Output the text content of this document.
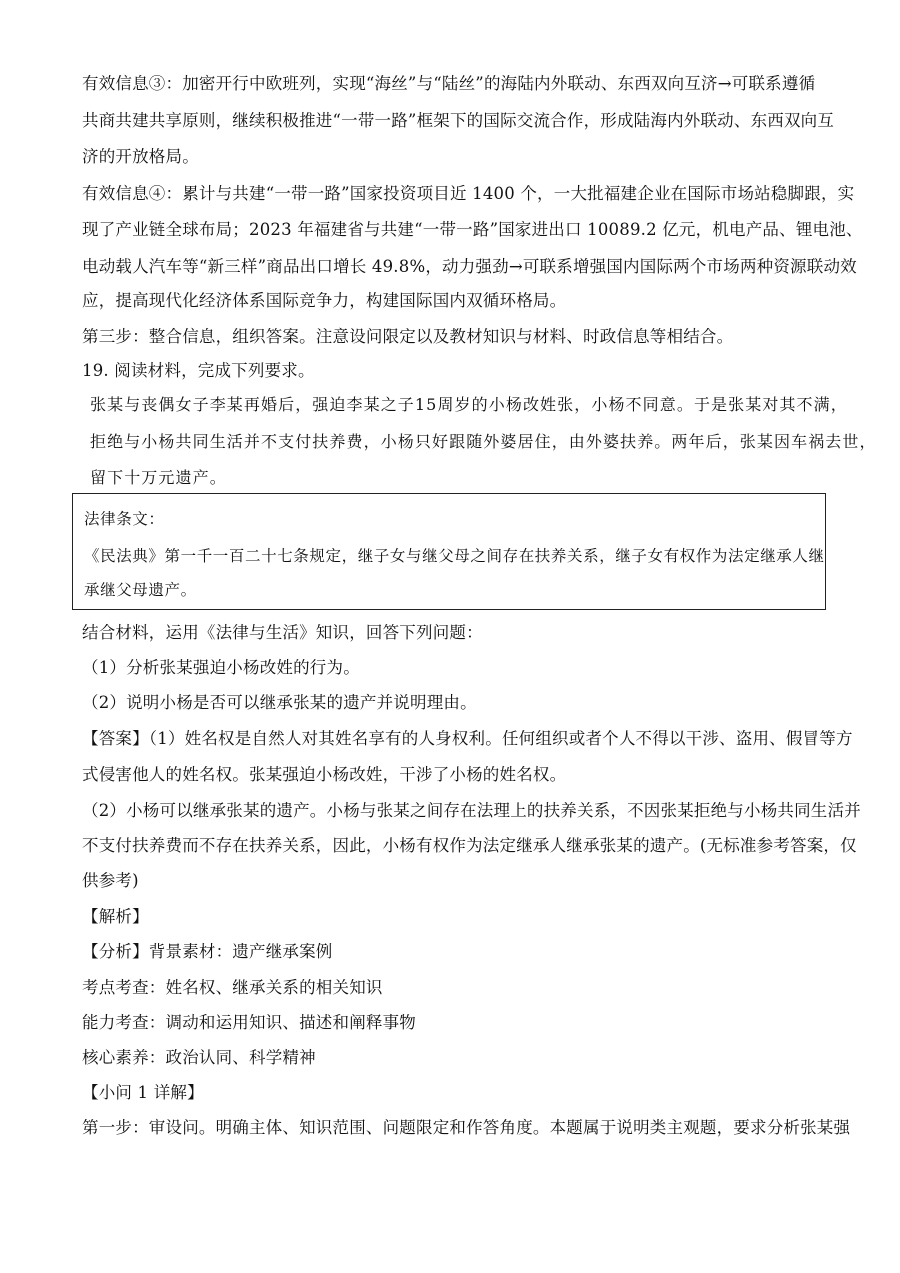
有效信息③：加密开行中欧班列，实现“海丝”与“陆丝”的海陆内外联动、东西双向互济→可联系遵循
共商共建共享原则，继续积极推进“一带一路”框架下的国际交流合作，形成陆海内外联动、东西双向互
济的开放格局。
有效信息④：累计与共建“一带一路”国家投资项目近 1400 个，一大批福建企业在国际市场站稳脚跟，实
现了产业链全球布局；2023 年福建省与共建“一带一路”国家进出口 10089.2 亿元，机电产品、锂电池、
电动载人汽车等“新三样”商品出口增长 49.8%，动力强劲→可联系增强国内国际两个市场两种资源联动效
应，提高现代化经济体系国际竞争力，构建国际国内双循环格局。
第三步：整合信息，组织答案。注意设问限定以及教材知识与材料、时政信息等相结合。
19. 阅读材料，完成下列要求。
张某与丧偶女子李某再婚后，强迫李某之子15周岁的小杨改姓张，小杨不同意。于是张某对其不满，
拒绝与小杨共同生活并不支付扶养费，小杨只好跟随外婆居住，由外婆扶养。两年后，张某因车祸去世，
留下十万元遗产。
法律条文：
《民法典》第一千一百二十七条规定，继子女与继父母之间存在扶养关系，继子女有权作为法定继承人继
承继父母遗产。
结合材料，运用《法律与生活》知识，回答下列问题：
（1）分析张某强迫小杨改姓的行为。
（2）说明小杨是否可以继承张某的遗产并说明理由。
【答案】（1）姓名权是自然人对其姓名享有的人身权利。任何组织或者个人不得以干涉、盗用、假冒等方
式侵害他人的姓名权。张某强迫小杨改姓，干涉了小杨的姓名权。
（2）小杨可以继承张某的遗产。小杨与张某之间存在法理上的扶养关系，不因张某拒绝与小杨共同生活并
不支付扶养费而不存在扶养关系，因此，小杨有权作为法定继承人继承张某的遗产。(无标准参考答案，仅
供参考)
【解析】
【分析】背景素材：遗产继承案例
考点考查：姓名权、继承关系的相关知识
能力考查：调动和运用知识、描述和阐释事物
核心素养：政治认同、科学精神
【小问 1 详解】
第一步：审设问。明确主体、知识范围、问题限定和作答角度。本题属于说明类主观题，要求分析张某强
